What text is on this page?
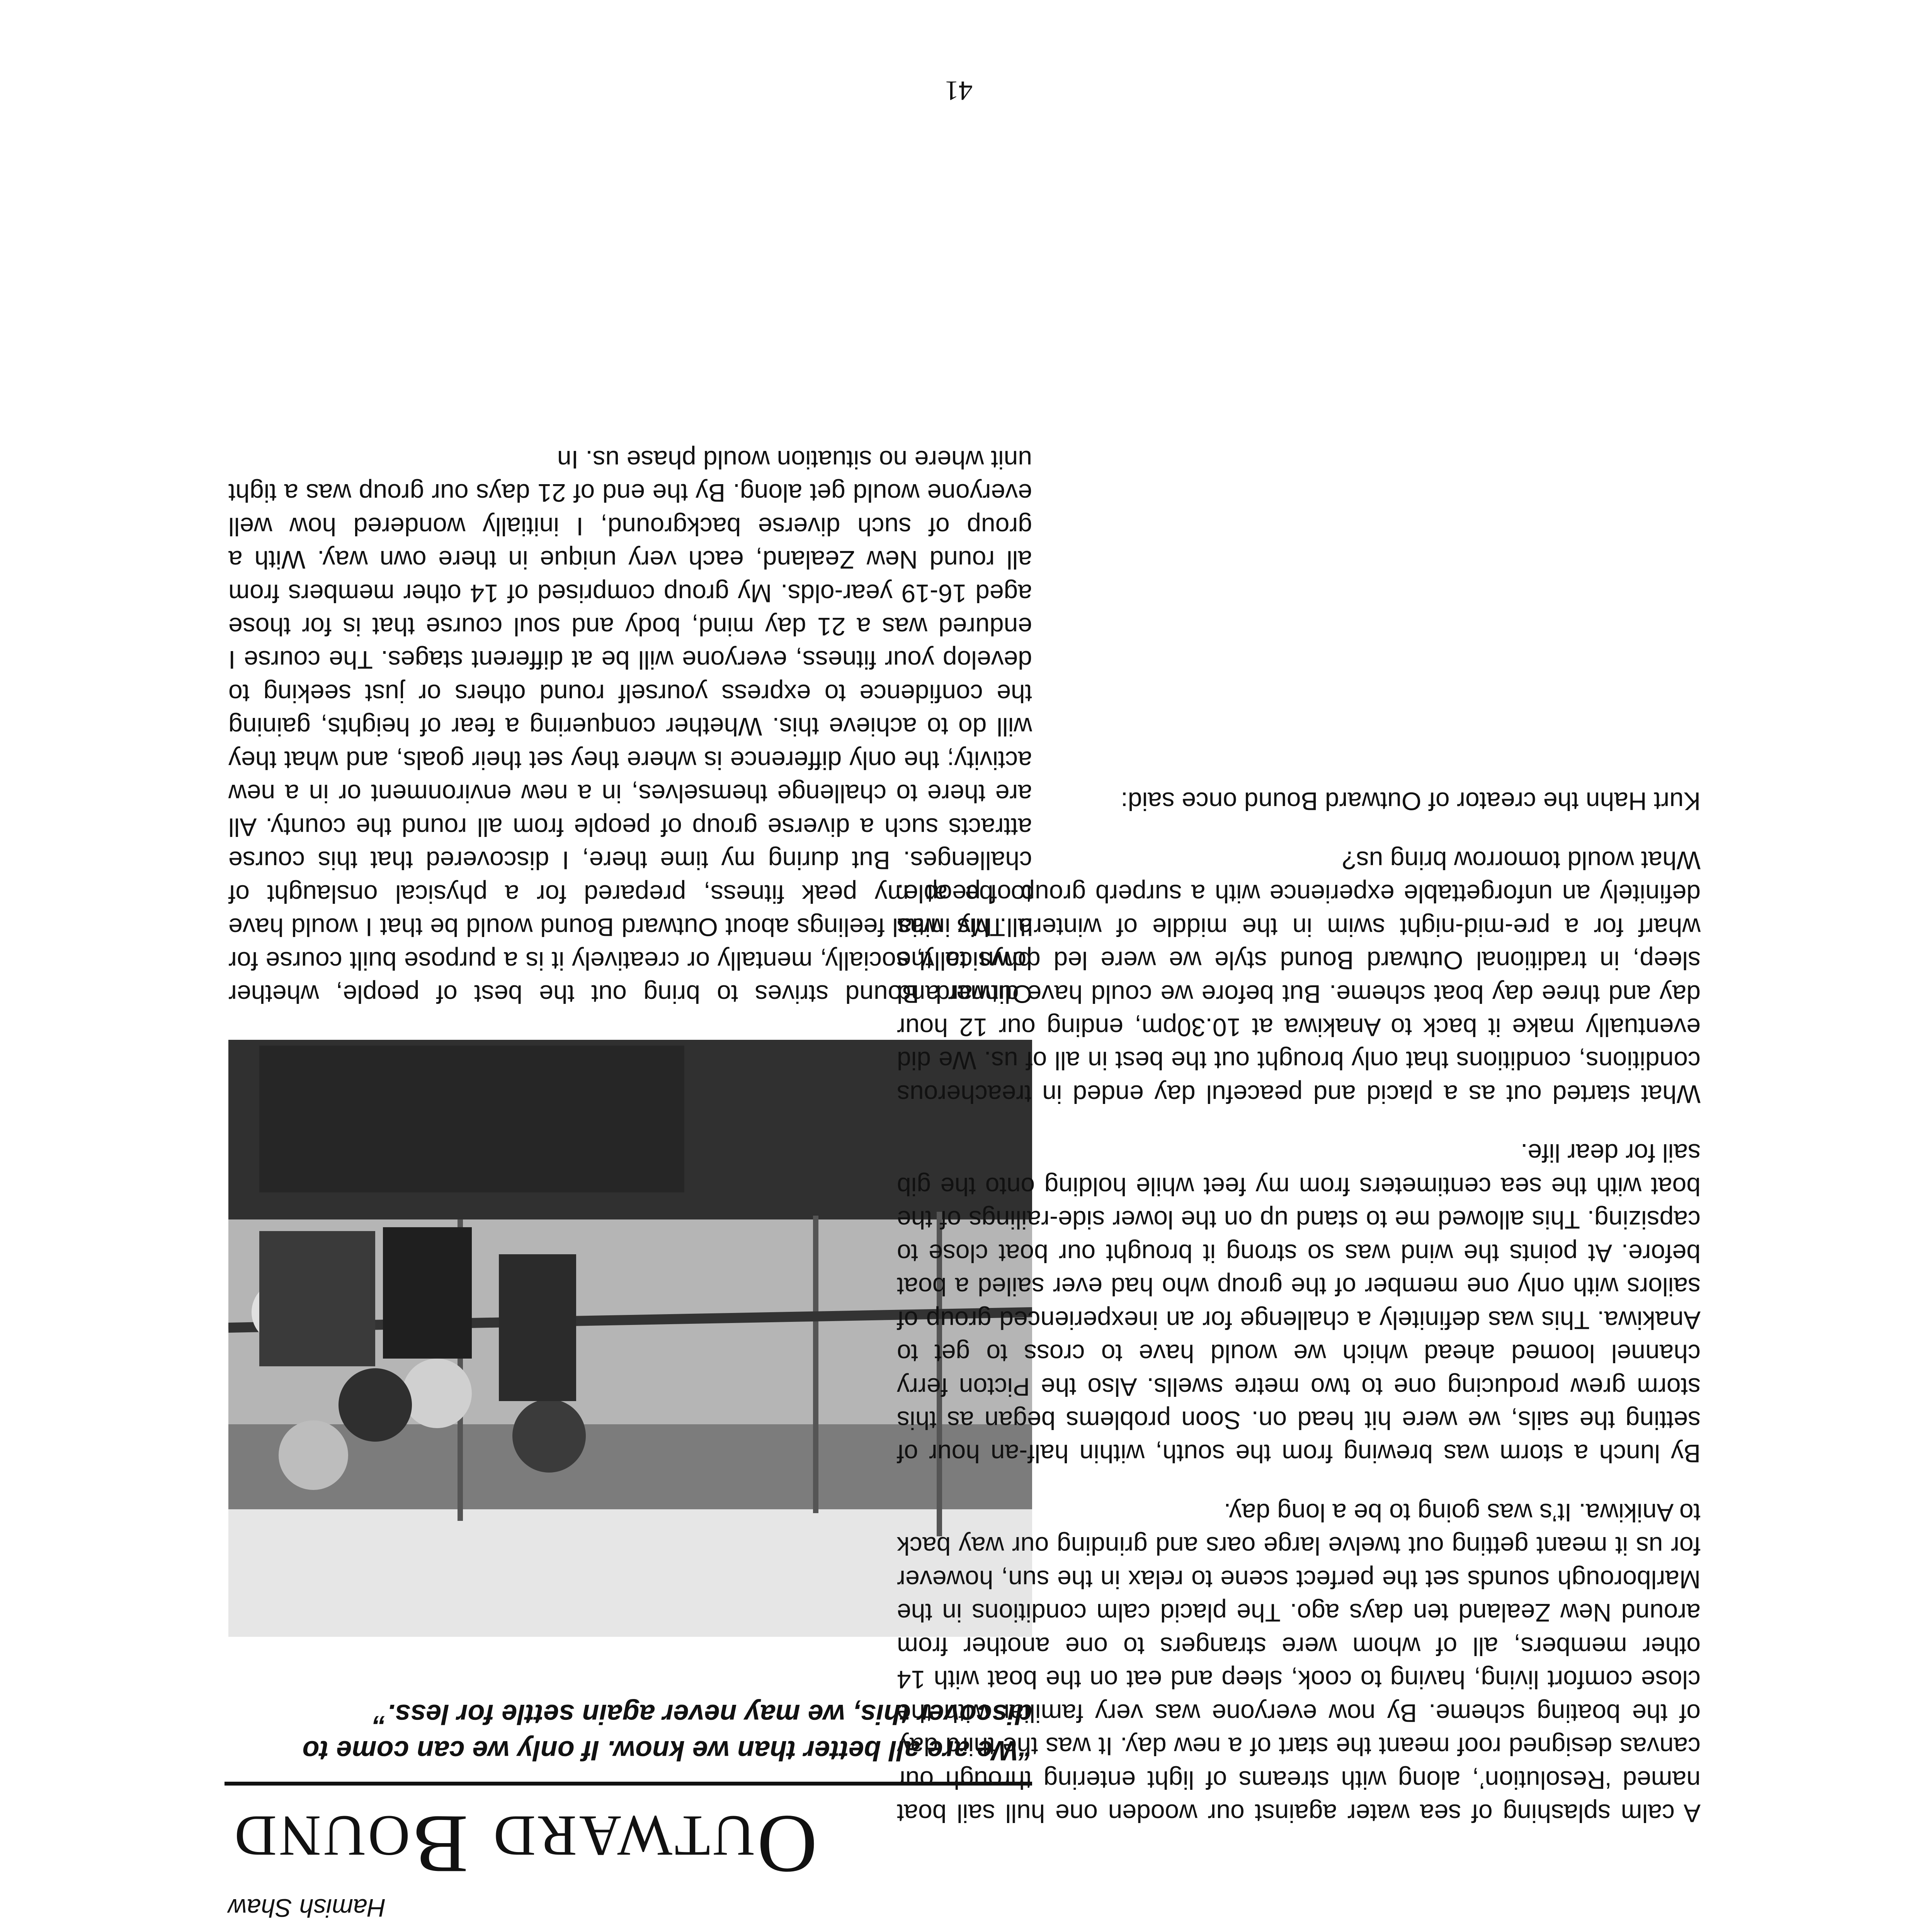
Hamish Shaw

Outward Bound

“We are all better than we know. If only we can come to discover this, we may never again settle for less.”

Outward Bound strives to bring out the best of people, whether physically, socially, mentally or creatively it is a purpose built course for all. My initial feelings about Outward Bound would be that I would have to be at my peak fitness, prepared for a physical onslaught of challenges. But during my time there, I discovered that this course attracts such a diverse group of people from all round the county. All are there to challenge themselves, in a new environment or in a new activity; the only difference is where they set their goals, and what they will do to achieve this. Whether conquering a fear of heights, gaining the confidence to express yourself round others or just seeking to develop your fitness, everyone will be at different stages. The course I endured was a 21 day mind, body and soul course that is for those aged 16-19 year-olds. My group comprised of 14 other members from all round New Zealand, each very unique in there own way. With a group of such diverse background, I initially wondered how well everyone would get along. By the end of 21 days our group was a tight unit where no situation would phase us. In

A calm splashing of sea water against our wooden one hull sail boat named ‘Resolution’, along with streams of light entering through our canvas designed roof meant the start of a new day. It was the third day of the boating scheme. By now everyone was very familiar with the close comfort living, having to cook, sleep and eat on the boat with 14 other members, all of whom were strangers to one another from around New Zealand ten days ago. The placid calm conditions in the Marlborough sounds set the perfect scene to relax in the sun, however for us it meant getting out twelve large oars and grinding our way back to Anikiwa. It’s was going to be a long day.

By lunch a storm was brewing from the south, within half-an hour of setting the sails, we were hit head on. Soon problems began as this storm grew producing one to two metre swells. Also the Picton ferry channel loomed ahead which we would have to cross to get to Anakiwa. This was definitely a challenge for an inexperienced group of sailors with only one member of the group who had ever sailed a boat before. At points the wind was so strong it brought our boat close to capsizing. This allowed me to stand up on the lower side-railings of the boat with the sea centimeters from my feet while holding onto the gib sail for dear life.

What started out as a placid and peaceful day ended in treacherous conditions, conditions that only brought out the best in all of us. We did eventually make it back to Anakiwa at 10.30pm, ending our 12 hour day and three day boat scheme. But before we could have dinner and sleep, in traditional Outward Bound style we were led down to the wharf for a pre-mid-night swim in the middle of winter!! This was definitely an unforgettable experience with a surperb group of people. What would tomorrow bring us?

Kurt Hahn the creator of Outward Bound once said:

41
